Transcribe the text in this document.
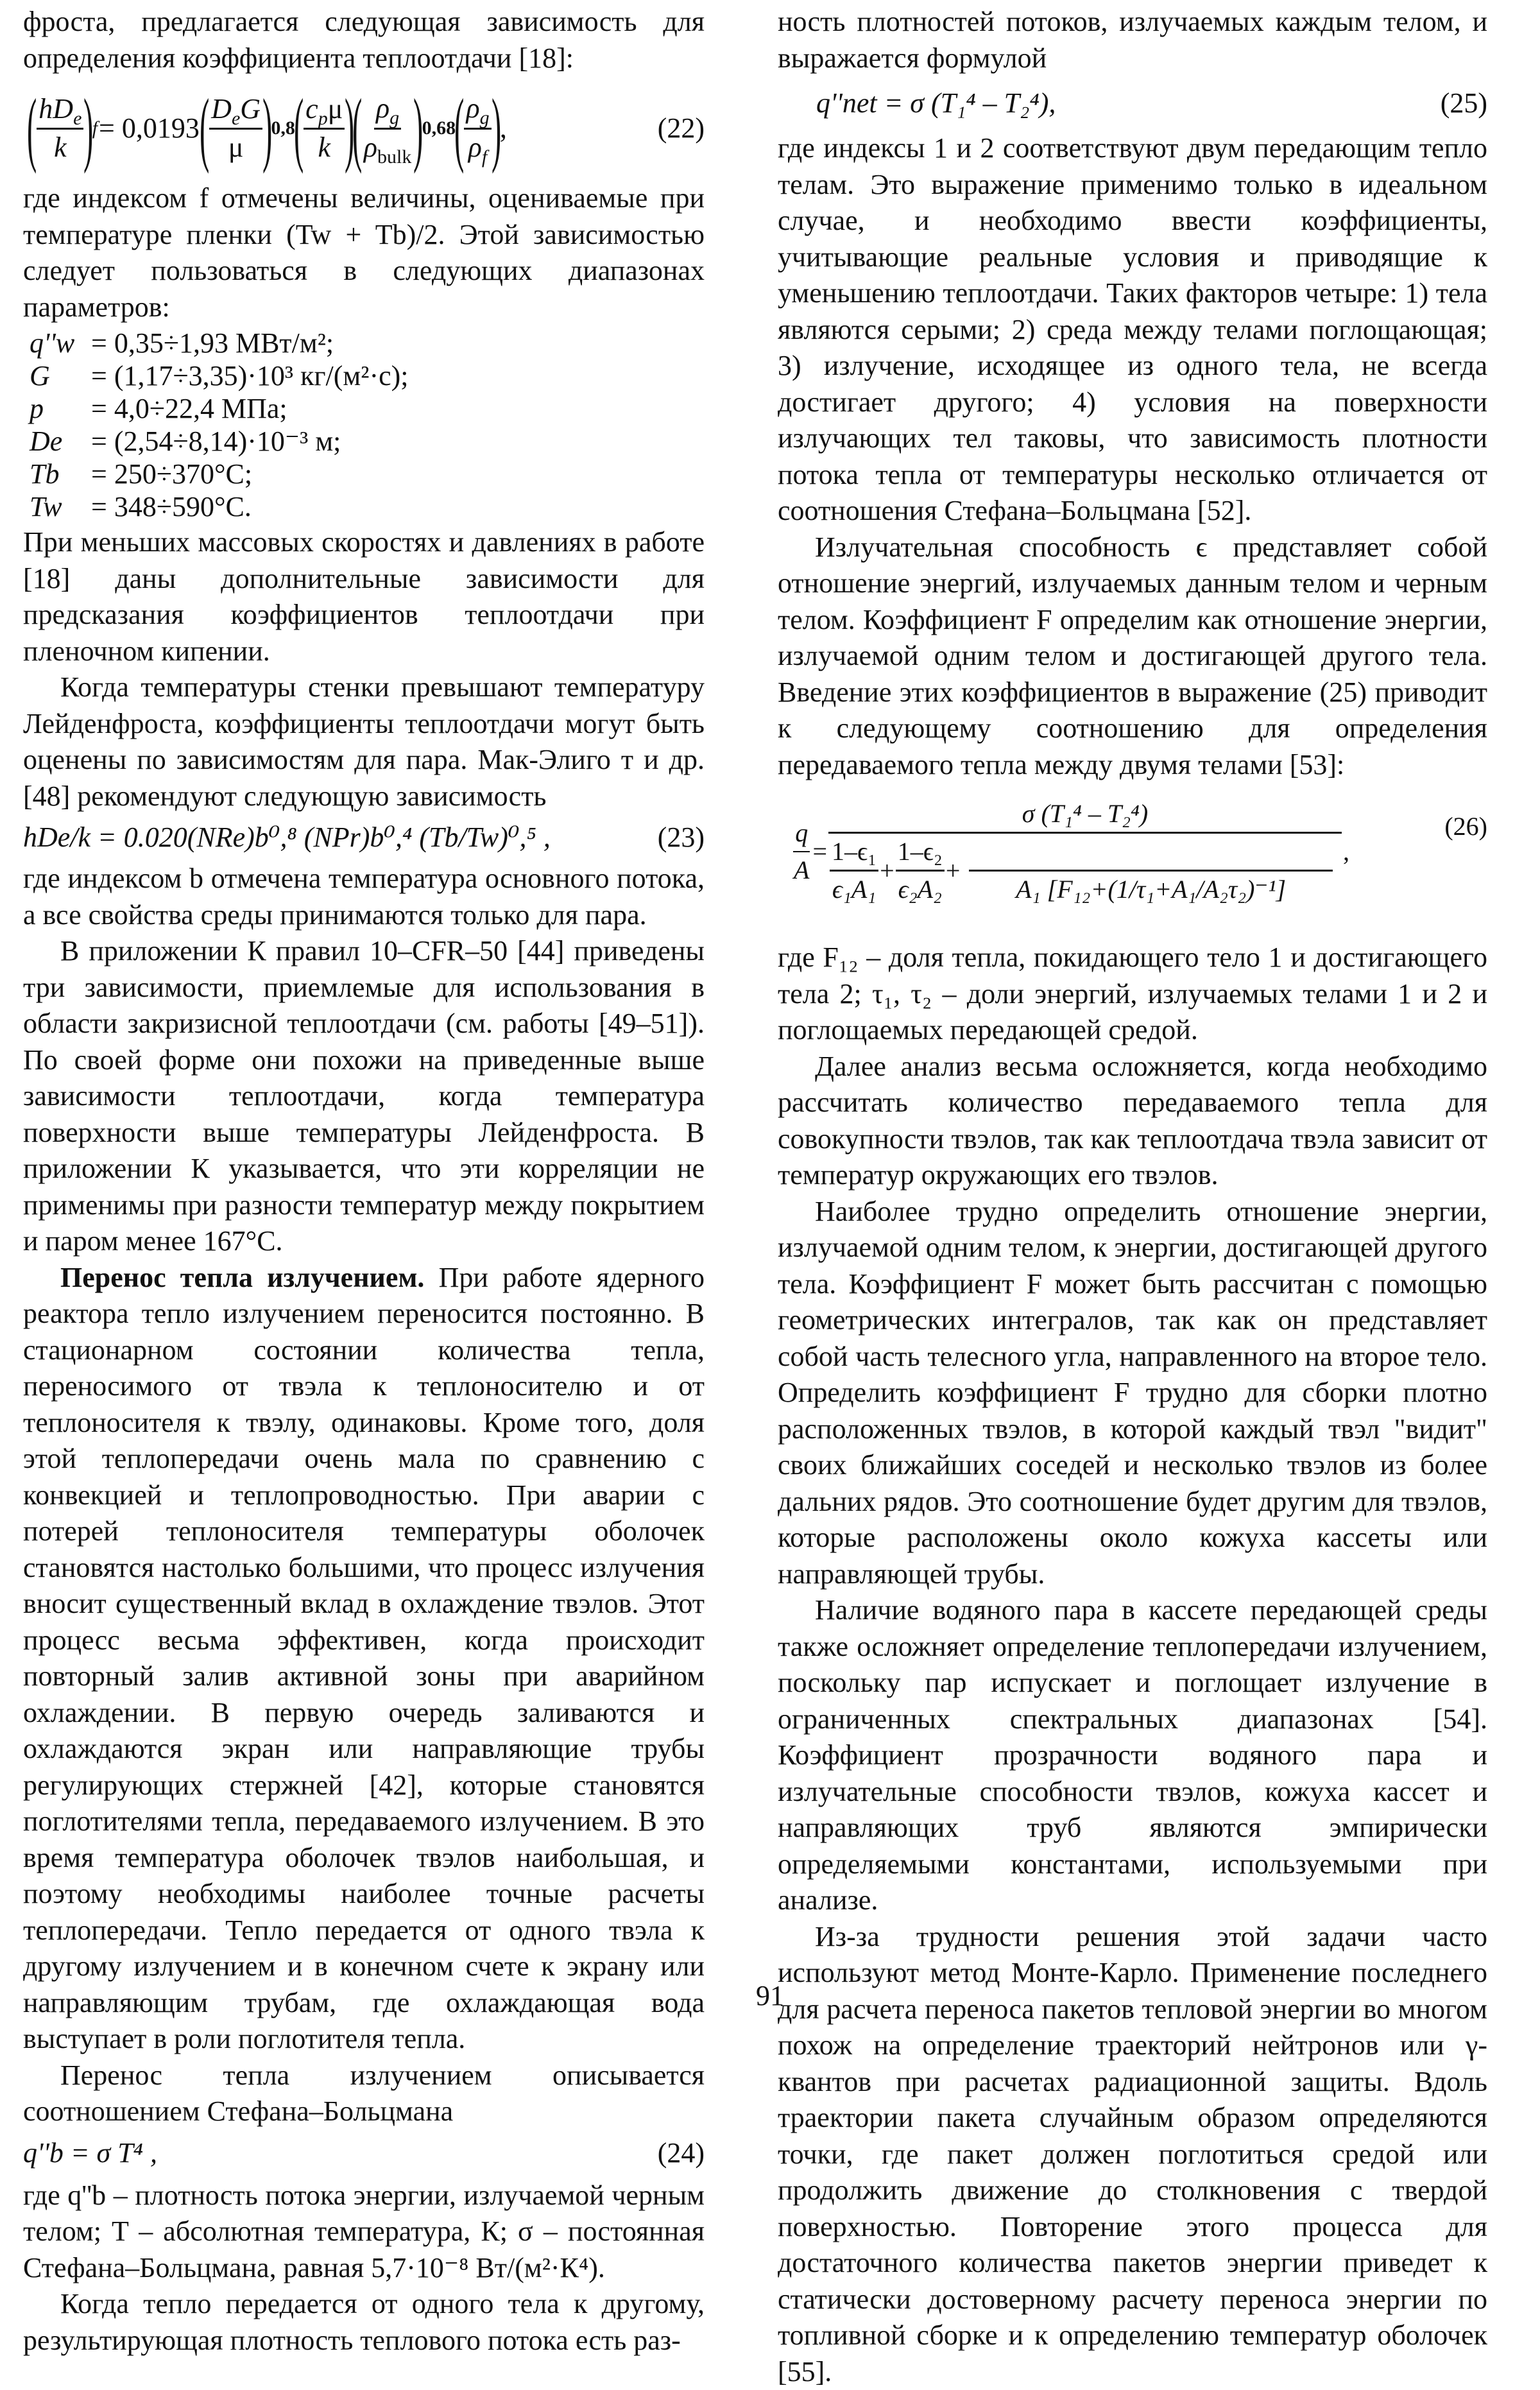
фроста, предлагается следующая зависимость для определения коэффициента теплоотдачи [18]:

( $\frac{hD_e}{k}$ )
f = 0,0193 ( $\frac{D_eG}{\mu}$ )
0,8
( $\frac{c_p\mu}{k}$ )
( $\frac{\rho_g}{\rho_{bulk}}$ )
0,68
( $\frac{\rho_g}{\rho_f}$ )
,	(22)

где индексом f отмечены величины, оцениваемые при температуре пленки (Tw + Tb)/2. Этой зависимостью следует пользоваться в следующих диапазонах параметров:

q''w = 0,35÷1,93 МВт/м²;
G = (1,17÷3,35)·10³ кг/(м²·с);
p = 4,0÷22,4 МПа;
De = (2,54÷8,14)·10⁻³ м;
Tb = 250÷370°C;
Tw = 348÷590°C.

При меньших массовых скоростях и давлениях в работе [18] даны дополнительные зависимости для предсказания коэффициентов теплоотдачи при пленочном кипении.

Когда температуры стенки превышают температуру Лейденфроста, коэффициенты теплоотдачи могут быть оценены по зависимостям для пара. Мак-Элиго т и др. [48] рекомендуют следующую зависимость

hDe/k = 0.020(NRe)b⁰,⁸ (NPr)b⁰,⁴ (Tb/Tw)⁰,⁵ ,	(23)

где индексом b отмечена температура основного потока, а все свойства среды принимаются только для пара.

В приложении К правил 10–CFR–50 [44] приведены три зависимости, приемлемые для использования в области закризисной теплоотдачи (см. работы [49–51]). По своей форме они похожи на приведенные выше зависимости теплоотдачи, когда температура поверхности выше температуры Лейденфроста. В приложении К указывается, что эти корреляции не применимы при разности температур между покрытием и паром менее 167°C.

Перенос тепла излучением. При работе ядерного реактора тепло излучением переносится постоянно. В стационарном состоянии количества тепла, переносимого от твэла к теплоносителю и от теплоносителя к твэлу, одинаковы. Кроме того, доля этой теплопередачи очень мала по сравнению с конвекцией и теплопроводностью. При аварии с потерей теплоносителя температуры оболочек становятся настолько большими, что процесс излучения вносит существенный вклад в охлаждение твэлов. Этот процесс весьма эффективен, когда происходит повторный залив активной зоны при аварийном охлаждении. В первую очередь заливаются и охлаждаются экран или направляющие трубы регулирующих стержней [42], которые становятся поглотителями тепла, передаваемого излучением. В это время температура оболочек твэлов наибольшая, и поэтому необходимы наиболее точные расчеты теплопередачи. Тепло передается от одного твэла к другому излучением и в конечном счете к экрану или направляющим трубам, где охлаждающая вода выступает в роли поглотителя тепла.

Перенос тепла излучением описывается соотношением Стефана–Больцмана

q''b = σ T⁴ ,	(24)

где q''b – плотность потока энергии, излучаемой черным телом; T – абсолютная температура, К; σ – постоянная Стефана–Больцмана, равная 5,7·10⁻⁸ Вт/(м²·К⁴).

Когда тепло передается от одного тела к другому, результирующая плотность теплового потока есть раз-

ность плотностей потоков, излучаемых каждым телом, и выражается формулой

q''net = σ (T₁⁴ – T₂⁴),	(25)

где индексы 1 и 2 соответствуют двум передающим тепло телам. Это выражение применимо только в идеальном случае, и необходимо ввести коэффициенты, учитывающие реальные условия и приводящие к уменьшению теплоотдачи. Таких факторов четыре: 1) тела являются серыми; 2) среда между телами поглощающая; 3) излучение, исходящее из одного тела, не всегда достигает другого; 4) условия на поверхности излучающих тел таковы, что зависимость плотности потока тепла от температуры несколько отличается от соотношения Стефана–Больцмана [52].

Излучательная способность ϵ представляет собой отношение энергий, излучаемых данным телом и черным телом. Коэффициент F определим как отношение энергии, излучаемой одним телом и достигающей другого тела. Введение этих коэффициентов в выражение (25) приводит к следующему соотношению для определения передаваемого тепла между двумя телами [53]:

$\frac{q}{A}$ =
σ (T₁⁴ – T₂⁴)
$\frac{\text{1–ϵ₁}}{\text{ϵ₁A₁}} + \frac{\text{1–ϵ₂}}{\text{ϵ₂A₂}}$ +

A₁ [F₁₂+(1/τ₁+A₁/A₂τ₂)⁻¹]
,
(26)

где F₁₂ – доля тепла, покидающего тело 1 и достигающего тела 2; τ₁, τ₂ – доли энергий, излучаемых телами 1 и 2 и поглощаемых передающей средой.

Далее анализ весьма осложняется, когда необходимо рассчитать количество передаваемого тепла для совокупности твэлов, так как теплоотдача твэла зависит от температур окружающих его твэлов.

Наиболее трудно определить отношение энергии, излучаемой одним телом, к энергии, достигающей другого тела. Коэффициент F может быть рассчитан с помощью геометрических интегралов, так как он представляет собой часть телесного угла, направленного на второе тело. Определить коэффициент F трудно для сборки плотно расположенных твэлов, в которой каждый твэл "видит" своих ближайших соседей и несколько твэлов из более дальних рядов. Это соотношение будет другим для твэлов, которые расположены около кожуха кассеты или направляющей трубы.

Наличие водяного пара в кассете передающей среды также осложняет определение теплопередачи излучением, поскольку пар испускает и поглощает излучение в ограниченных спектральных диапазонах [54]. Коэффициент прозрачности водяного пара и излучательные способности твэлов, кожуха кассет и направляющих труб являются эмпирически определяемыми константами, используемыми при анализе.

Из-за трудности решения этой задачи часто используют метод Монте-Карло. Применение последнего для расчета переноса пакетов тепловой энергии во многом похож на определение траекторий нейтронов или γ-квантов при расчетах радиационной защиты. Вдоль траектории пакета случайным образом определяются точки, где пакет должен поглотиться средой или продолжить движение до столкновения с твердой поверхностью. Повторение этого процесса для достаточного количества пакетов энергии приведет к статически достоверному расчету переноса энергии по топливной сборке и к определению температур оболочек [55].

91
